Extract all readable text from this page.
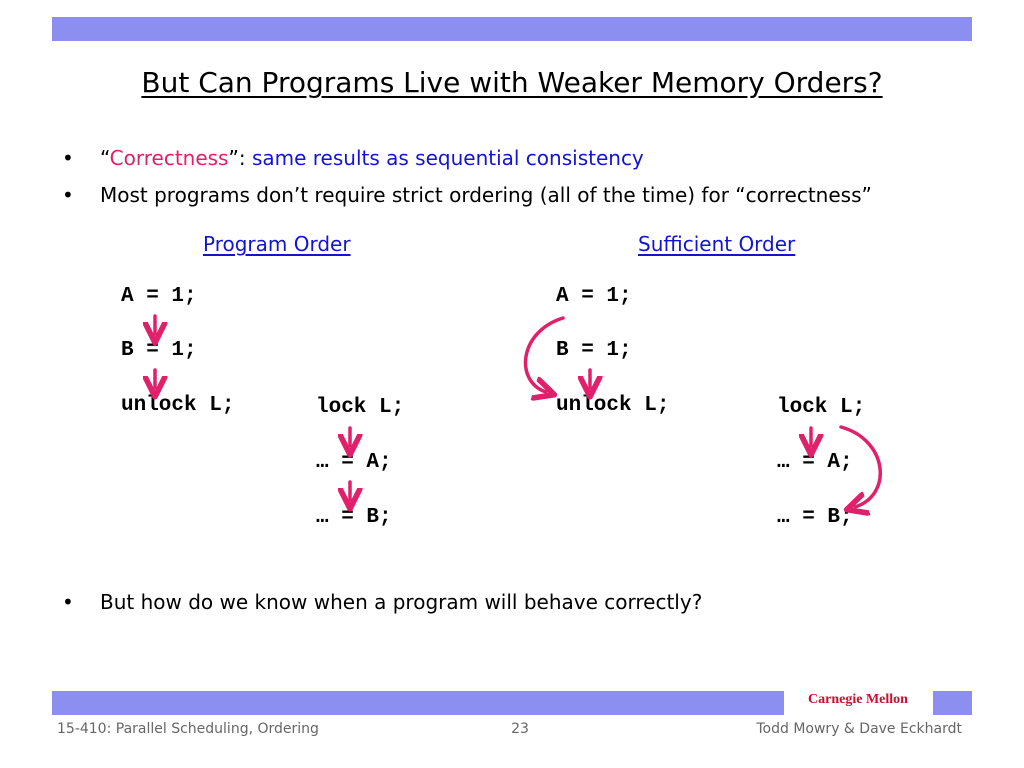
But Can Programs Live with Weaker Memory Orders?
• “Correctness”: same results as sequential consistency
• Most programs don’t require strict ordering (all of the time) for “correctness”
Program Order	Sufficient Order
A = 1;
B = 1;
unlock L;	lock L;
… = A;
… = B;
A = 1;
B = 1;
unlock L;	lock L;
… = A;
… = B;
• But how do we know when a program will behave correctly?
Carnegie Mellon
15-410: Parallel Scheduling, Ordering	23	Todd Mowry & Dave Eckhardt
